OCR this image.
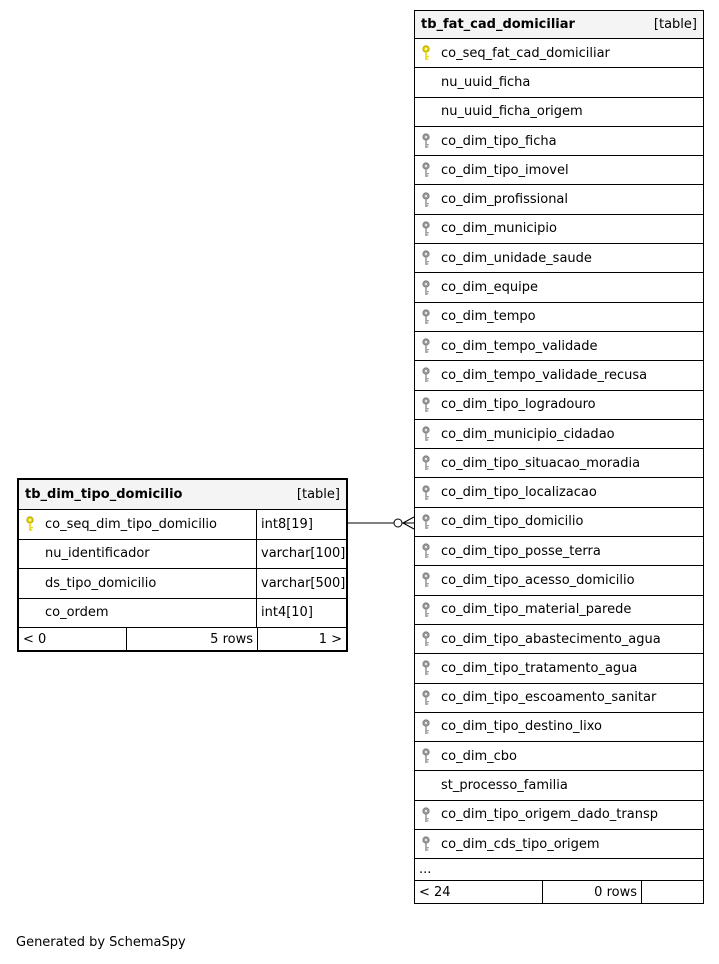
tb_dim_tipo_domicilio	[table]
co_seq_dim_tipo_domicilio	int8[19]
nu_identificador	varchar[100]
ds_tipo_domicilio	varchar[500]
co_ordem	int4[10]
< 0	5 rows	1 >
tb_fat_cad_domiciliar	[table]
co_seq_fat_cad_domiciliar
nu_uuid_ficha
nu_uuid_ficha_origem
co_dim_tipo_ficha
co_dim_tipo_imovel
co_dim_profissional
co_dim_municipio
co_dim_unidade_saude
co_dim_equipe
co_dim_tempo
co_dim_tempo_validade
co_dim_tempo_validade_recusa
co_dim_tipo_logradouro
co_dim_municipio_cidadao
co_dim_tipo_situacao_moradia
co_dim_tipo_localizacao
co_dim_tipo_domicilio
co_dim_tipo_posse_terra
co_dim_tipo_acesso_domicilio
co_dim_tipo_material_parede
co_dim_tipo_abastecimento_agua
co_dim_tipo_tratamento_agua
co_dim_tipo_escoamento_sanitar
co_dim_tipo_destino_lixo
co_dim_cbo
st_processo_familia
co_dim_tipo_origem_dado_transp
co_dim_cds_tipo_origem
...
< 24	0 rows
Generated by SchemaSpy
